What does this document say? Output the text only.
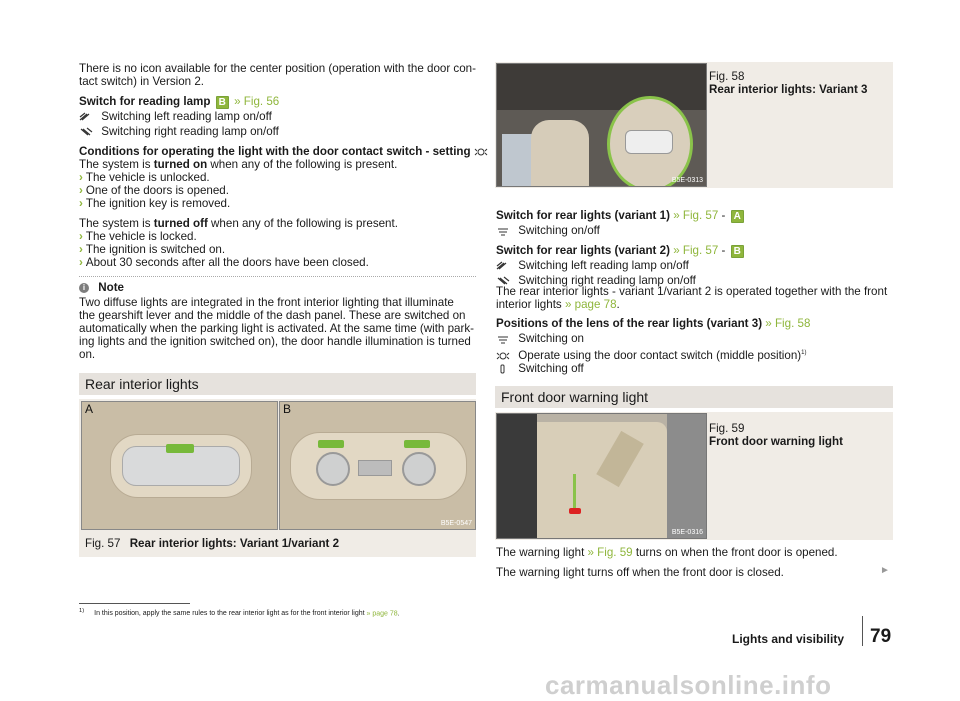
There is no icon available for the center position (operation with the door con-
tact switch) in Version 2.
Switch for reading lamp B » Fig. 56
Switching left reading lamp on/off
Switching right reading lamp on/off
Conditions for operating the light with the door contact switch - setting
The system is turned on when any of the following is present.
› The vehicle is unlocked.
› One of the doors is opened.
› The ignition key is removed.
The system is turned off when any of the following is present.
› The vehicle is locked.
› The ignition is switched on.
› About 30 seconds after all the doors have been closed.
i Note
Two diffuse lights are integrated in the front interior lighting that illuminate
the gearshift lever and the middle of the dash panel. These are switched on
automatically when the parking light is activated. At the same time (with park-
ing lights and the ignition switched on), the door handle illumination is turned
on.
Rear interior lights
A	B
B5E-0547
Fig. 57 Rear interior lights: Variant 1/variant 2
B5E-0313
Fig. 58
Rear interior lights: Variant 3
Switch for rear lights (variant 1) » Fig. 57 - A
Switching on/off
Switch for rear lights (variant 2) » Fig. 57 - B
Switching left reading lamp on/off
Switching right reading lamp on/off
The rear interior lights - variant 1/variant 2 is operated together with the front
interior lights » page 78.
Positions of the lens of the rear lights (variant 3) » Fig. 58
Switching on
Operate using the door contact switch (middle position)$^{1)}$
Switching off
Front door warning light
B5E-0316
Fig. 59
Front door warning light
The warning light » Fig. 59 turns on when the front door is opened.
The warning light turns off when the front door is closed.	►
$^{1)}$ In this position, apply the same rules to the rear interior light as for the front interior light » page 78.
Lights and visibility 79
carmanualsonline.info
